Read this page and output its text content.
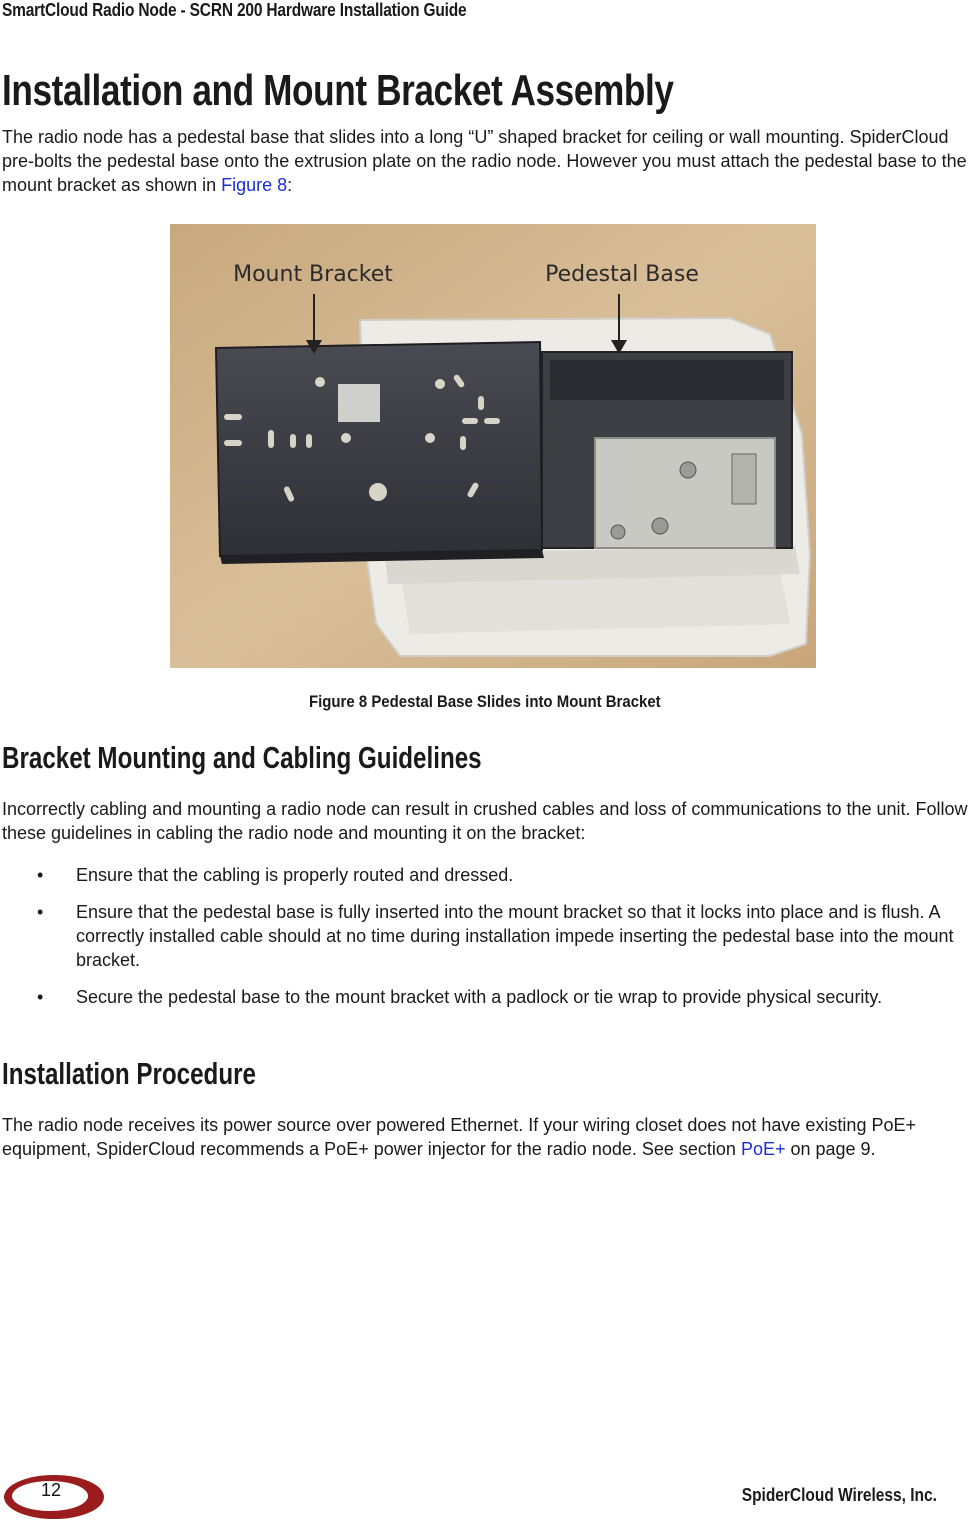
SmartCloud Radio Node - SCRN 200 Hardware Installation Guide
Installation and Mount Bracket Assembly

The radio node has a pedestal base that slides into a long “U” shaped bracket for ceiling or wall mounting. SpiderCloud pre-bolts the pedestal base onto the extrusion plate on the radio node. However you must attach the pedestal base to the mount bracket as shown in Figure 8:

Mount Bracket	Pedestal Base
Figure 8 Pedestal Base Slides into Mount Bracket
Bracket Mounting and Cabling Guidelines

Incorrectly cabling and mounting a radio node can result in crushed cables and loss of communications to the unit. Follow these guidelines in cabling the radio node and mounting it on the bracket:

• Ensure that the cabling is properly routed and dressed.
• Ensure that the pedestal base is fully inserted into the mount bracket so that it locks into place and is flush. A correctly installed cable should at no time during installation impede inserting the pedestal base into the mount bracket.
• Secure the pedestal base to the mount bracket with a padlock or tie wrap to provide physical security.
Installation Procedure

The radio node receives its power source over powered Ethernet. If your wiring closet does not have existing PoE+ equipment, SpiderCloud recommends a PoE+ power injector for the radio node. See section PoE+ on page 9.

12	SpiderCloud Wireless, Inc.
